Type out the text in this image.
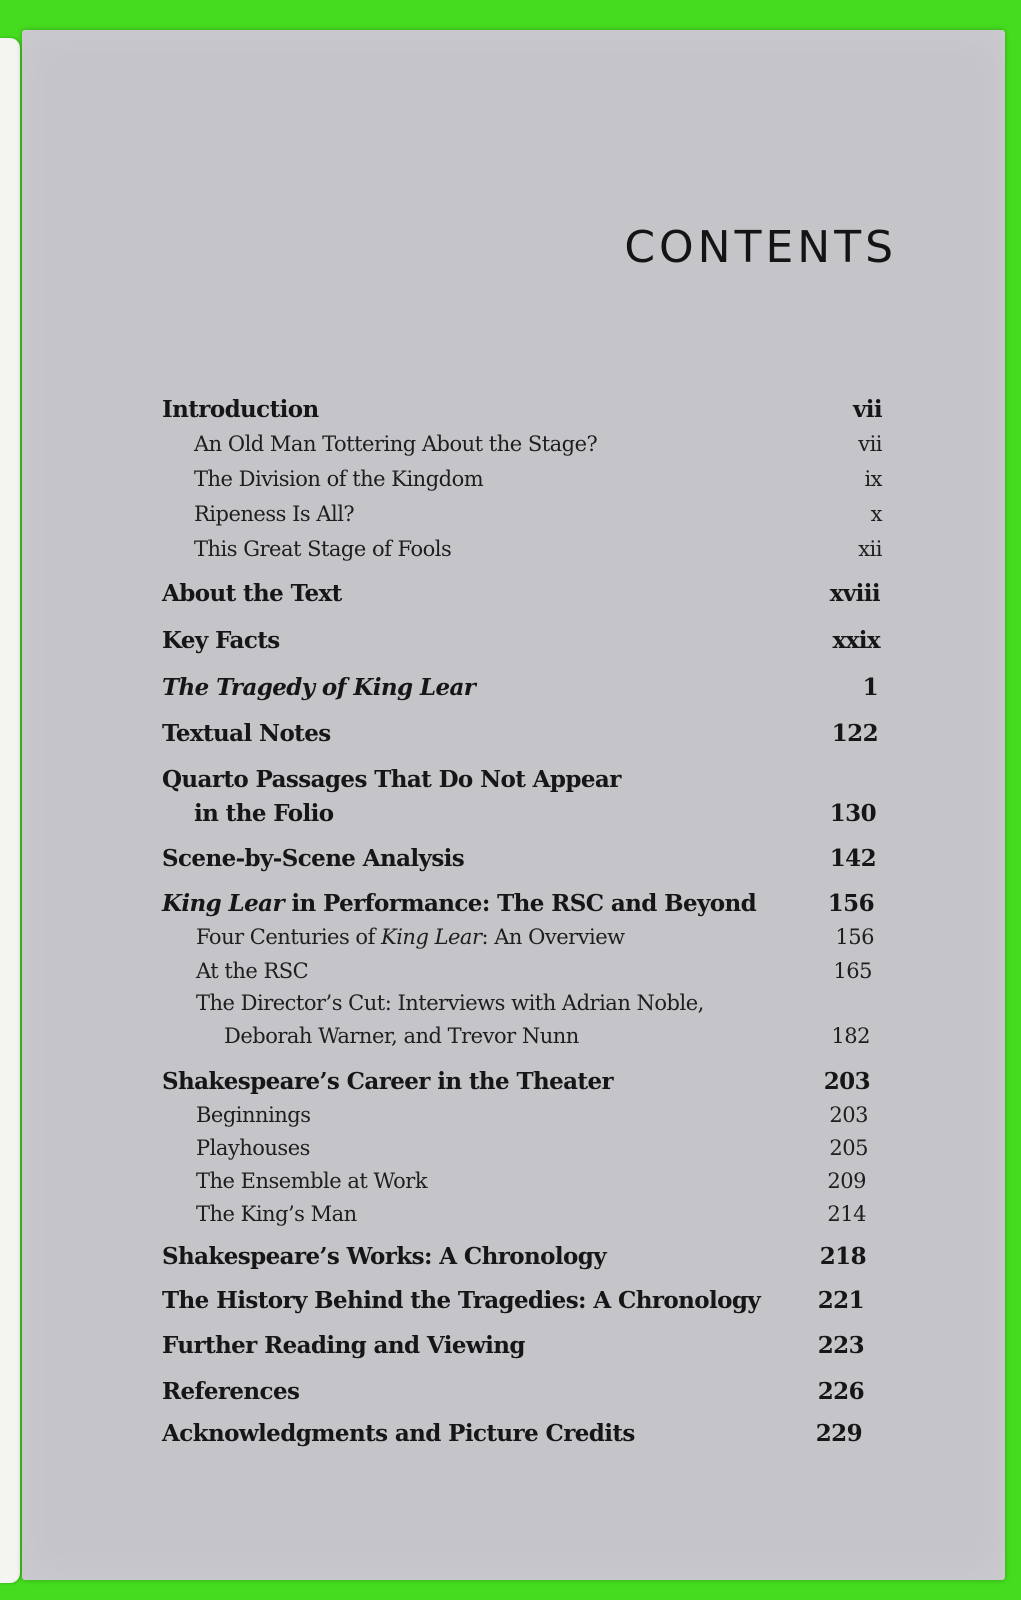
CONTENTS
Introduction	vii
An Old Man Tottering About the Stage?	vii
The Division of the Kingdom	ix
Ripeness Is All?	x
This Great Stage of Fools	xii
About the Text	xviii
Key Facts	xxix
The Tragedy of King Lear	1
Textual Notes	122
Quarto Passages That Do Not Appear
in the Folio	130
Scene-by-Scene Analysis	142
King Lear in Performance: The RSC and Beyond	156
Four Centuries of King Lear: An Overview	156
At the RSC	165
The Director’s Cut: Interviews with Adrian Noble,
Deborah Warner, and Trevor Nunn	182
Shakespeare’s Career in the Theater	203
Beginnings	203
Playhouses	205
The Ensemble at Work	209
The King’s Man	214
Shakespeare’s Works: A Chronology	218
The History Behind the Tragedies: A Chronology	221
Further Reading and Viewing	223
References	226
Acknowledgments and Picture Credits	229
